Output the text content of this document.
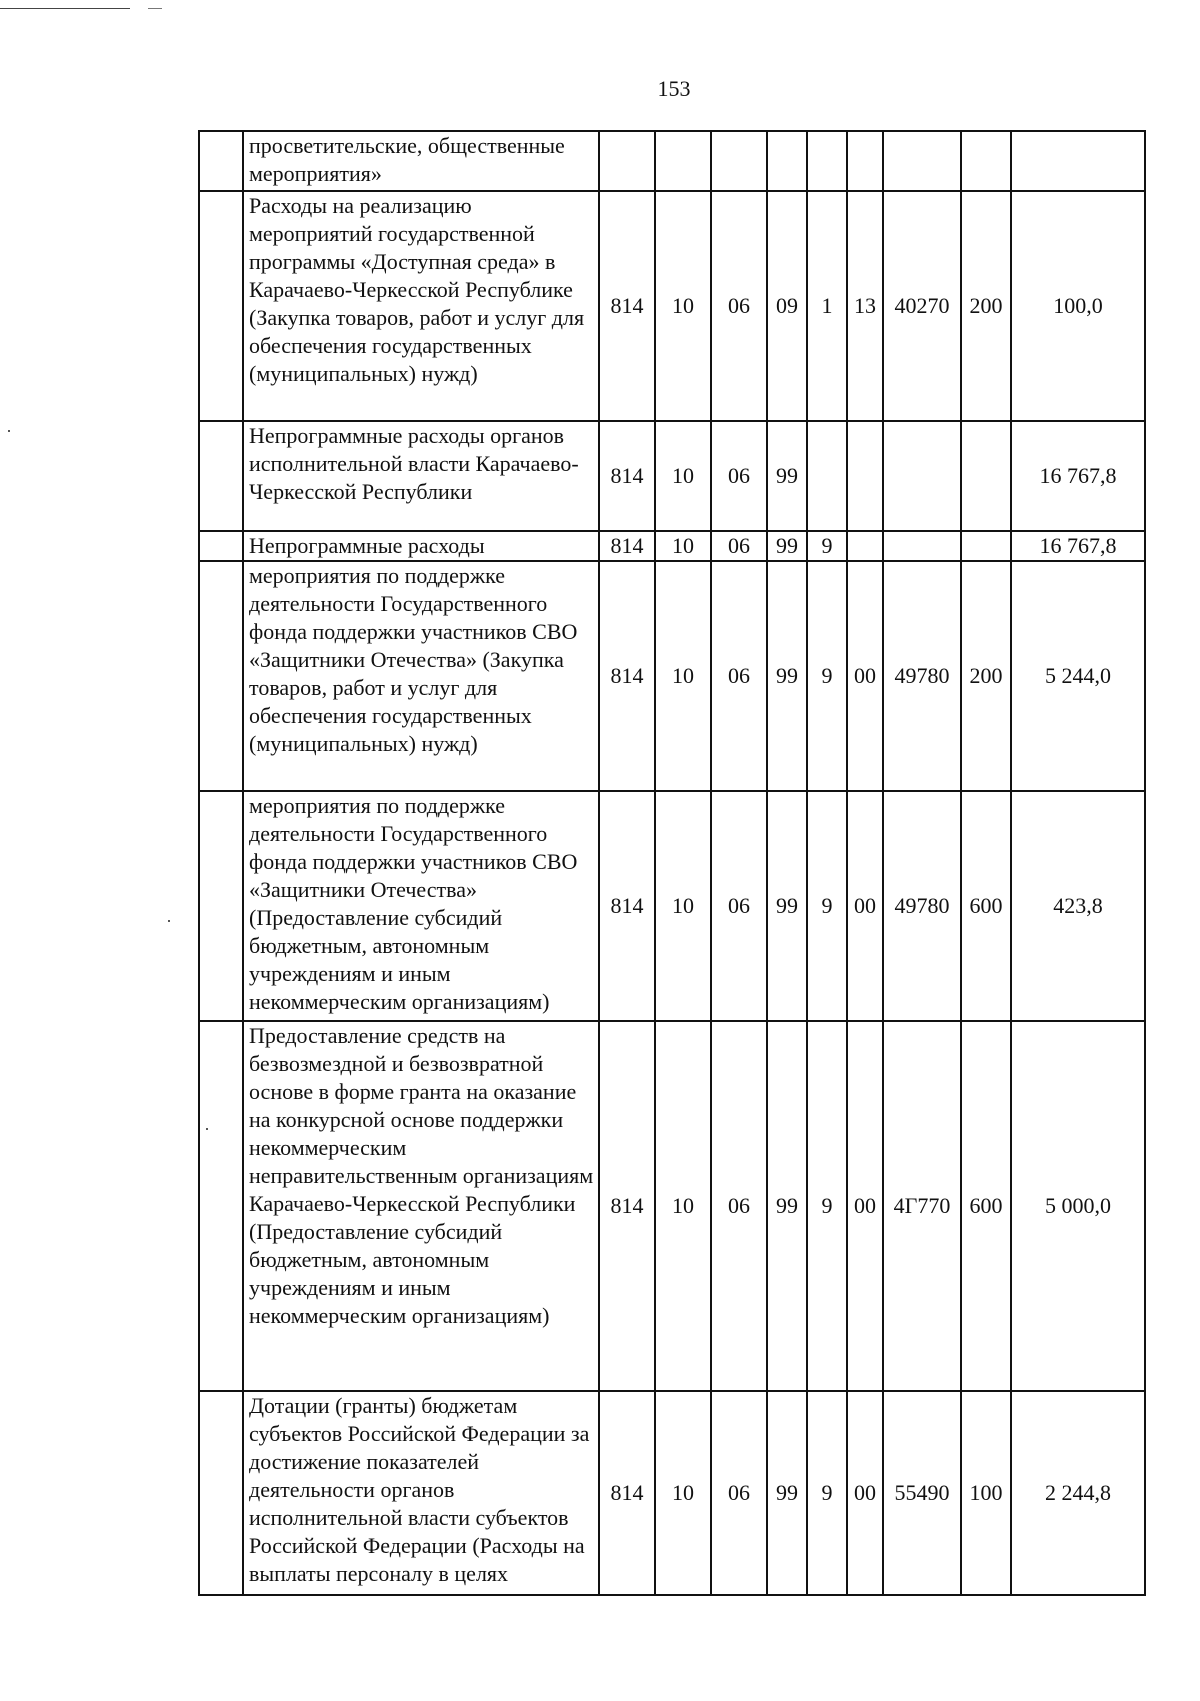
153
	просветительские, общественные мероприятия»									
	Расходы на реализацию мероприятий государственной программы «Доступная среда» в Карачаево-Черкесской Республике (Закупка товаров, работ и услуг для обеспечения государственных (муниципальных) нужд)	814	10	06	09	1	13	40270	200	100,0
	Непрограммные расходы органов исполнительной власти Карачаево-Черкесской Республики	814	10	06	99					16 767,8
	Непрограммные расходы	814	10	06	99	9				16 767,8
	мероприятия по поддержке деятельности Государственного фонда поддержки участников СВО «Защитники Отечества» (Закупка товаров, работ и услуг для обеспечения государственных (муниципальных) нужд)	814	10	06	99	9	00	49780	200	5 244,0
	мероприятия по поддержке деятельности Государственного фонда поддержки участников СВО «Защитники Отечества» (Предоставление субсидий бюджетным, автономным учреждениям и иным некоммерческим организациям)	814	10	06	99	9	00	49780	600	423,8
	Предоставление средств на безвозмездной и безвозвратной основе в форме гранта на оказание на конкурсной основе поддержки некоммерческим неправительственным организациям Карачаево-Черкесской Республики (Предоставление субсидий бюджетным, автономным учреждениям и иным некоммерческим организациям)	814	10	06	99	9	00	4Г770	600	5 000,0
	Дотации (гранты) бюджетам субъектов Российской Федерации за достижение показателей деятельности органов исполнительной власти субъектов Российской Федерации (Расходы на выплаты персоналу в целях	814	10	06	99	9	00	55490	100	2 244,8
